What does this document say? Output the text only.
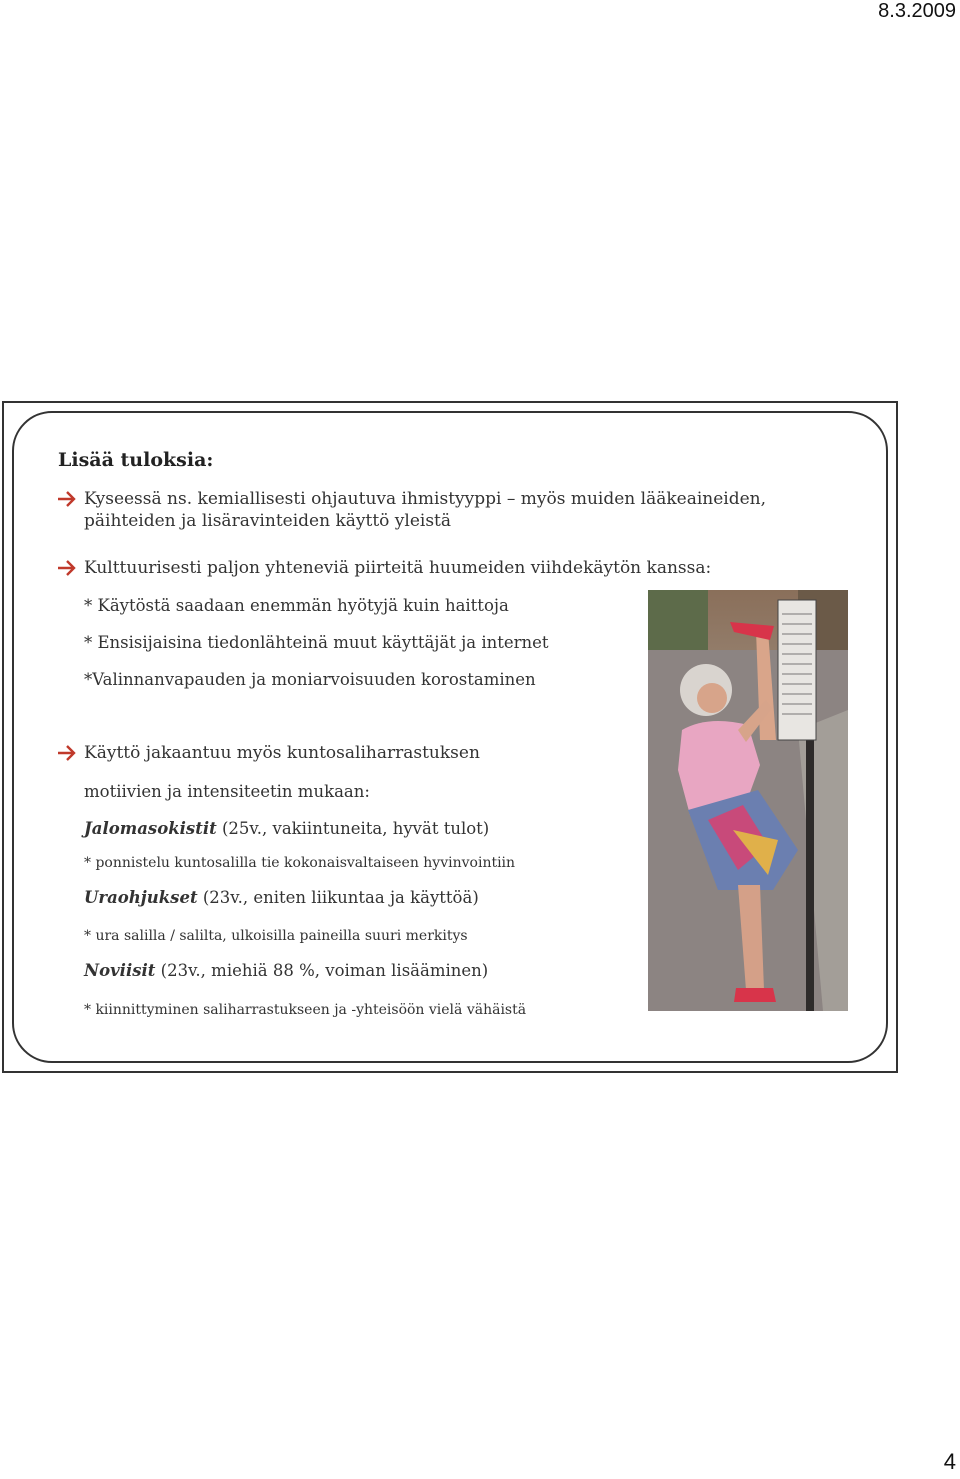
8.3.2009
Lisää tuloksia:
Kyseessä ns. kemiallisesti ohjautuva ihmistyyppi – myös muiden lääkeaineiden,
päihteiden ja lisäravinteiden käyttö yleistä
Kulttuurisesti paljon yhteneviä piirteitä huumeiden viihdekäytön kanssa:
* Käytöstä saadaan enemmän hyötyjä kuin haittoja
* Ensisijaisina tiedonlähteinä muut käyttäjät ja internet
*Valinnanvapauden ja moniarvoisuuden korostaminen
Käyttö jakaantuu myös kuntosaliharrastuksen
motiivien ja intensiteetin mukaan:
Jalomasokistit (25v., vakiintuneita, hyvät tulot)
* ponnistelu kuntosalilla tie kokonaisvaltaiseen hyvinvointiin
Uraohjukset (23v., eniten liikuntaa ja käyttöä)
* ura salilla / salilta, ulkoisilla paineilla suuri merkitys
Noviisit (23v., miehiä 88 %, voiman lisääminen)
* kiinnittyminen saliharrastukseen ja -yhteisöön vielä vähäistä
4
